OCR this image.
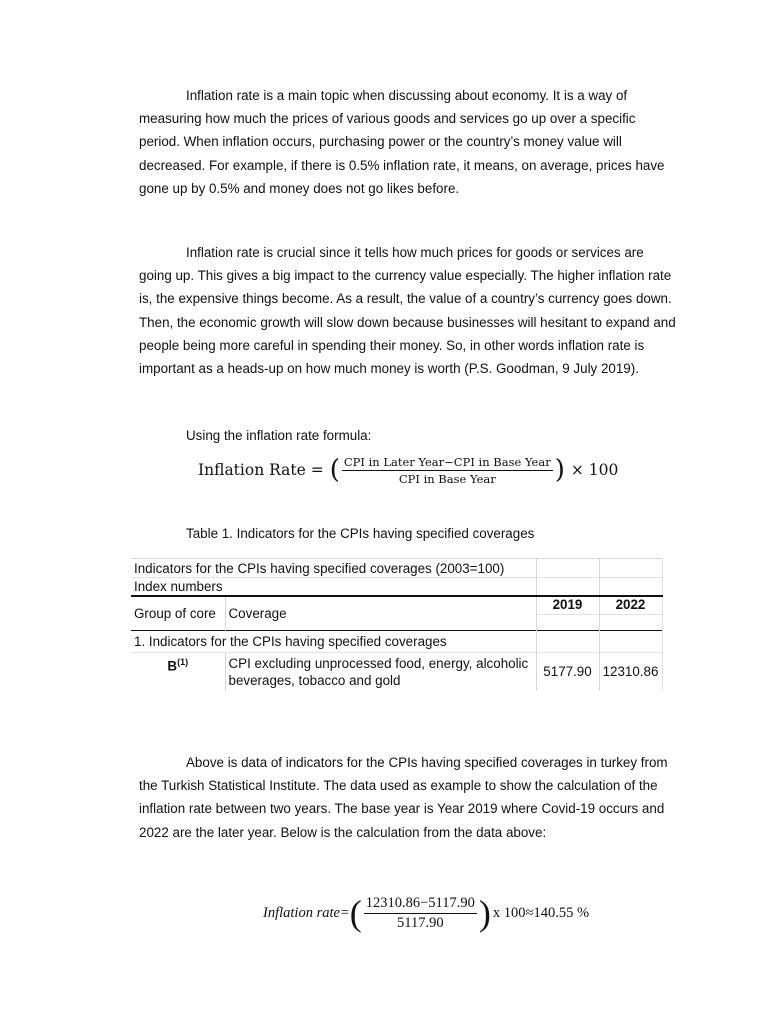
Inflation rate is a main topic when discussing about economy. It is a way of measuring how much the prices of various goods and services go up over a specific period. When inflation occurs, purchasing power or the country’s money value will decreased. For example, if there is 0.5% inflation rate, it means, on average, prices have gone up by 0.5% and money does not go likes before.

Inflation rate is crucial since it tells how much prices for goods or services are going up. This gives a big impact to the currency value especially. The higher inflation rate is, the expensive things become. As a result, the value of a country’s currency goes down. Then, the economic growth will slow down because businesses will hesitant to expand and people being more careful in spending their money. So, in other words inflation rate is important as a heads-up on how much money is worth (P.S. Goodman, 9 July 2019).

Using the inflation rate formula:

Inflation Rate = ( $\frac{\text{CPI in Later Year−CPI in Base Year}}{\text{CPI in Base Year}}$ ) × 100

Table 1. Indicators for the CPIs having specified coverages

Indicators for the CPIs having specified coverages (2003=100)			
Index numbers			
Group of core	Coverage	2019	2022

1. Indicators for the CPIs having specified coverages			
$B^{(1)}$	CPI excluding unprocessed food, energy, alcoholic beverages, tobacco and gold	5177.90	12310.86

Above is data of indicators for the CPIs having specified coverages in turkey from the Turkish Statistical Institute. The data used as example to show the calculation of the inflation rate between two years. The base year is Year 2019 where Covid-19 occurs and 2022 are the later year. Below is the calculation from the data above:

Inflation rate= ( $\frac{12310.86-5117.90}{5117.90}$ ) x 100≈140.55 %
